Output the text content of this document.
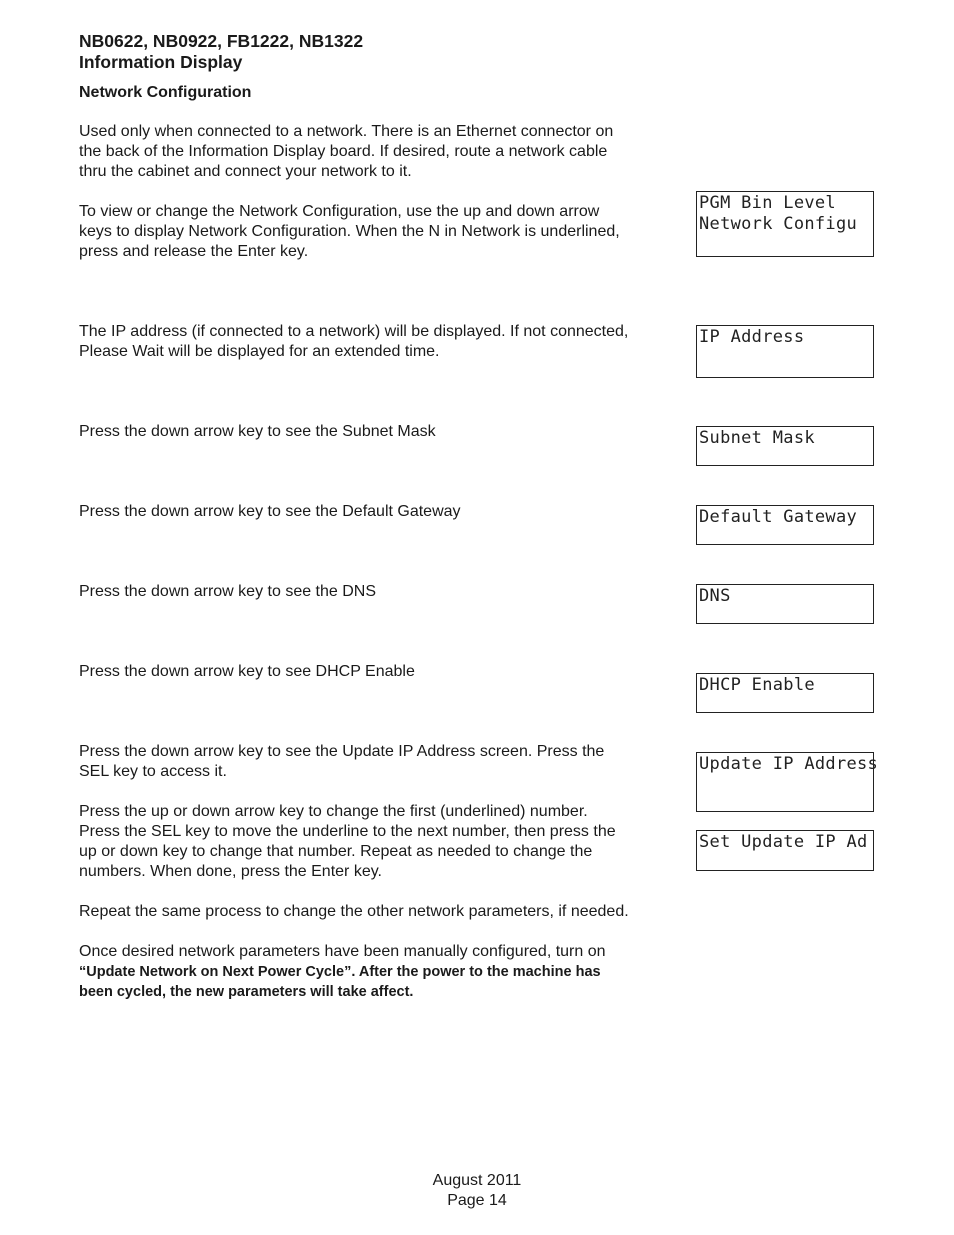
NB0622, NB0922, FB1222, NB1322
Information Display
Network Configuration
Used only when connected to a network. There is an Ethernet connector on
the back of the Information Display board. If desired, route a network cable
thru the cabinet and connect your network to it.
To view or change the Network Configuration, use the up and down arrow
keys to display Network Configuration. When the N in Network is underlined,
press and release the Enter key.
The IP address (if connected to a network) will be displayed. If not connected,
Please Wait will be displayed for an extended time.
Press the down arrow key to see the Subnet Mask
Press the down arrow key to see the Default Gateway
Press the down arrow key to see the DNS
Press the down arrow key to see DHCP Enable
Press the down arrow key to see the Update IP Address screen. Press the
SEL key to access it.
Press the up or down arrow key to change the first (underlined) number.
Press the SEL key to move the underline to the next number, then press the
up or down key to change that number. Repeat as needed to change the
numbers. When done, press the Enter key.
Repeat the same process to change the other network parameters, if needed.
Once desired network parameters have been manually configured, turn on
“Update Network on Next Power Cycle”. After the power to the machine has
been cycled, the new parameters will take affect.
PGM Bin Level
Network Configu
IP Address
Subnet Mask
Default Gateway
DNS
DHCP Enable
Update IP Address
Set Update IP Ad
August 2011
Page 14
